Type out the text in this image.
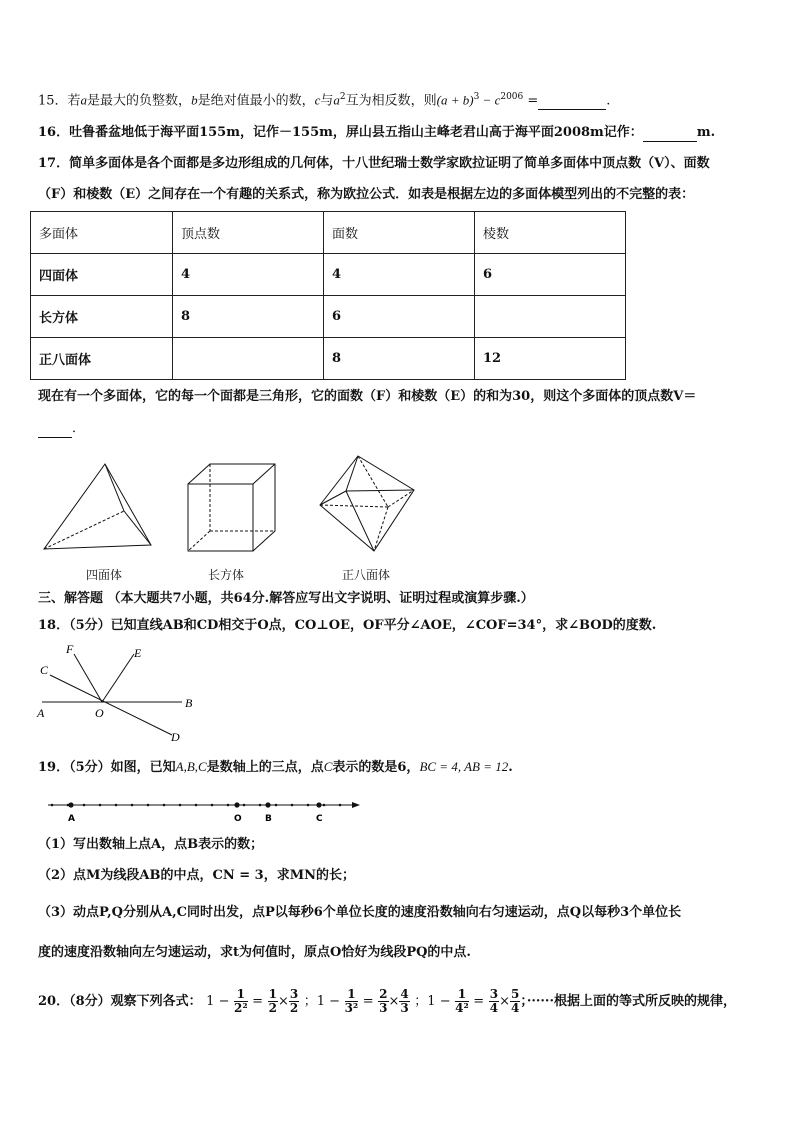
15．若a是最大的负整数，b是绝对值最小的数，c与$a^2$互为相反数，则$(a + b)^3 - c^{2006}$ =	.
16．吐鲁番盆地低于海平面155m，记作－155m，屏山县五指山主峰老君山高于海平面2008m记作：	m.
17．简单多面体是各个面都是多边形组成的几何体，十八世纪瑞士数学家欧拉证明了简单多面体中顶点数（V）、面数
（F）和棱数（E）之间存在一个有趣的关系式，称为欧拉公式．如表是根据左边的多面体模型列出的不完整的表：
多面体	顶点数	面数	棱数
四面体	4	4	6
长方体	8	6	
正八面体		8	12
现在有一个多面体，它的每一个面都是三角形，它的面数（F）和棱数（E）的和为30，则这个多面体的顶点数V＝
．
四面体	长方体	正八面体
三、解答题 （本大题共7小题，共64分.解答应写出文字说明、证明过程或演算步骤.）
18．（5分）已知直线AB和CD相交于O点，CO⊥OE，OF平分∠AOE，∠COF=34°，求∠BOD的度数.
F	E
C
A	O
B
D
19．（5分）如图，已知A,B,C是数轴上的三点，点C表示的数是6，BC = 4, AB = 12.
A	O	B	C
（1）写出数轴上点A，点B表示的数；
（2）点M为线段AB的中点，CN = 3，求MN的长；
（3）动点P,Q分别从A,C同时出发，点P以每秒6个单位长度的速度沿数轴向右匀速运动，点Q以每秒3个单位长
度的速度沿数轴向左匀速运动，求t为何值时，原点O恰好为线段PQ的中点.
20．（8分）观察下列各式： $1 - \frac{1}{\text{2²}} = \frac{1}{2} \times \frac{3}{2}$ ；$1 - \frac{1}{\text{3²}} = \frac{2}{3} \times \frac{4}{3}$ ；$1 - \frac{1}{\text{4²}} = \frac{3}{4} \times \frac{5}{4}$ ；······根据上面的等式所反映的规律，
